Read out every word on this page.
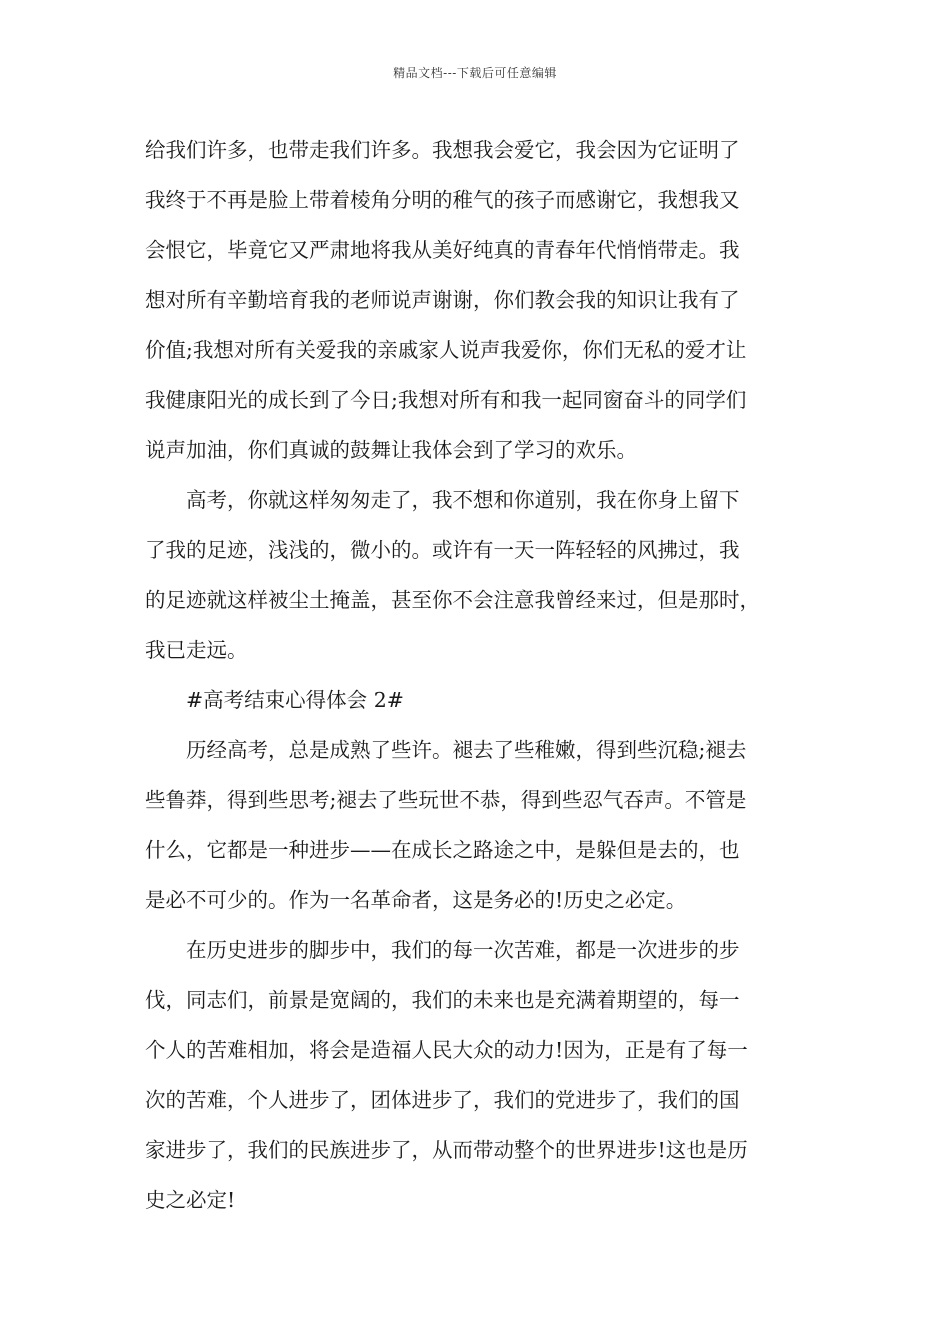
精品文档---下载后可任意编辑
给我们许多，也带走我们许多。我想我会爱它，我会因为它证明了
我终于不再是脸上带着棱角分明的稚气的孩子而感谢它，我想我又
会恨它，毕竟它又严肃地将我从美好纯真的青春年代悄悄带走。我
想对所有辛勤培育我的老师说声谢谢，你们教会我的知识让我有了
价值;我想对所有关爱我的亲戚家人说声我爱你，你们无私的爱才让
我健康阳光的成长到了今日;我想对所有和我一起同窗奋斗的同学们
说声加油，你们真诚的鼓舞让我体会到了学习的欢乐。
高考，你就这样匆匆走了，我不想和你道别，我在你身上留下
了我的足迹，浅浅的，微小的。或许有一天一阵轻轻的风拂过，我
的足迹就这样被尘土掩盖，甚至你不会注意我曾经来过，但是那时，
我已走远。
#高考结束心得体会 2#
历经高考，总是成熟了些许。褪去了些稚嫩，得到些沉稳;褪去
些鲁莽，得到些思考;褪去了些玩世不恭，得到些忍气吞声。不管是
什么，它都是一种进步——在成长之路途之中，是躲但是去的，也
是必不可少的。作为一名革命者，这是务必的!历史之必定。
在历史进步的脚步中，我们的每一次苦难，都是一次进步的步
伐，同志们，前景是宽阔的，我们的未来也是充满着期望的，每一
个人的苦难相加，将会是造福人民大众的动力!因为，正是有了每一
次的苦难，个人进步了，团体进步了，我们的党进步了，我们的国
家进步了，我们的民族进步了，从而带动整个的世界进步!这也是历
史之必定!
